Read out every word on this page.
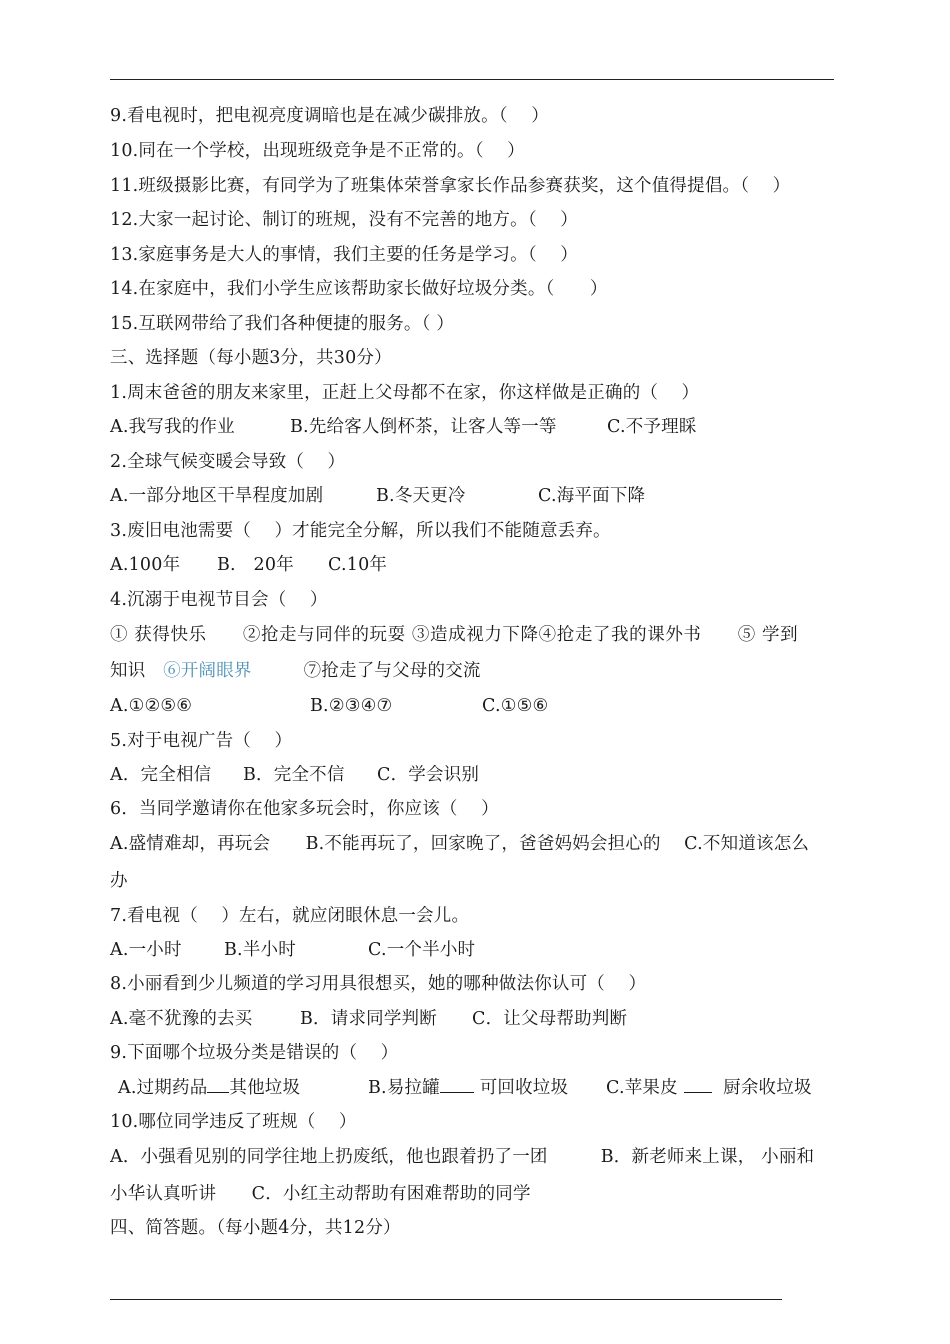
9.看电视时，把电视亮度调暗也是在减少碳排放。（　 ）
10.同在一个学校，出现班级竞争是不正常的。（　 ）
11.班级摄影比赛，有同学为了班集体荣誉拿家长作品参赛获奖，这个值得提倡。（　 ）
12.大家一起讨论、制订的班规，没有不完善的地方。（　 ）
13.家庭事务是大人的事情，我们主要的任务是学习。（　 ）
14.在家庭中，我们小学生应该帮助家长做好垃圾分类。（　　）
15.互联网带给了我们各种便捷的服务。（ ）
三、选择题（每小题3分，共30分）
1.周末爸爸的朋友来家里，正赶上父母都不在家，你这样做是正确的（　 ）
A.我写我的作业	B.先给客人倒杯茶，让客人等一等	C.不予理睬
2.全球气候变暖会导致（　 ）
A.一部分地区干旱程度加剧	B.冬天更冷	C.海平面下降
3.废旧电池需要（　 ）才能完全分解，所以我们不能随意丢弃。
A.100年 B.　20年 C.10年
4.沉溺于电视节目会（　 ）
① 获得快乐　　②抢走与同伴的玩耍 ③造成视力下降④抢走了我的课外书　　⑤ 学到
知识　⑥开阔眼界	⑦抢走了与父母的交流
A.①②⑤⑥	B.②③④⑦	C.①⑤⑥
5.对于电视广告（　 ）
A．完全相信 B．完全不信 C．学会识别
6．当同学邀请你在他家多玩会时，你应该（　 ）
A.盛情难却，再玩会　　B.不能再玩了，回家晚了，爸爸妈妈会担心的　 C.不知道该怎么
办
7.看电视（　 ）左右，就应闭眼休息一会儿。
A.一小时 B.半小时	C.一个半小时
8.小丽看到少儿频道的学习用具很想买，她的哪种做法你认可（　 ）
A.毫不犹豫的去买	B．请求同学判断 C．让父母帮助判断
9.下面哪个垃圾分类是错误的（　 ）
A.过期药品 其他垃圾	B.易拉罐 可回收垃圾 C.苹果皮	厨余收垃圾
10.哪位同学违反了班规（　 ）
A．小强看见别的同学往地上扔废纸，他也跟着扔了一团　　　B．新老师来上课， 小丽和
小华认真听讲　　C．小红主动帮助有困难帮助的同学
四、简答题。（每小题4分，共12分）
